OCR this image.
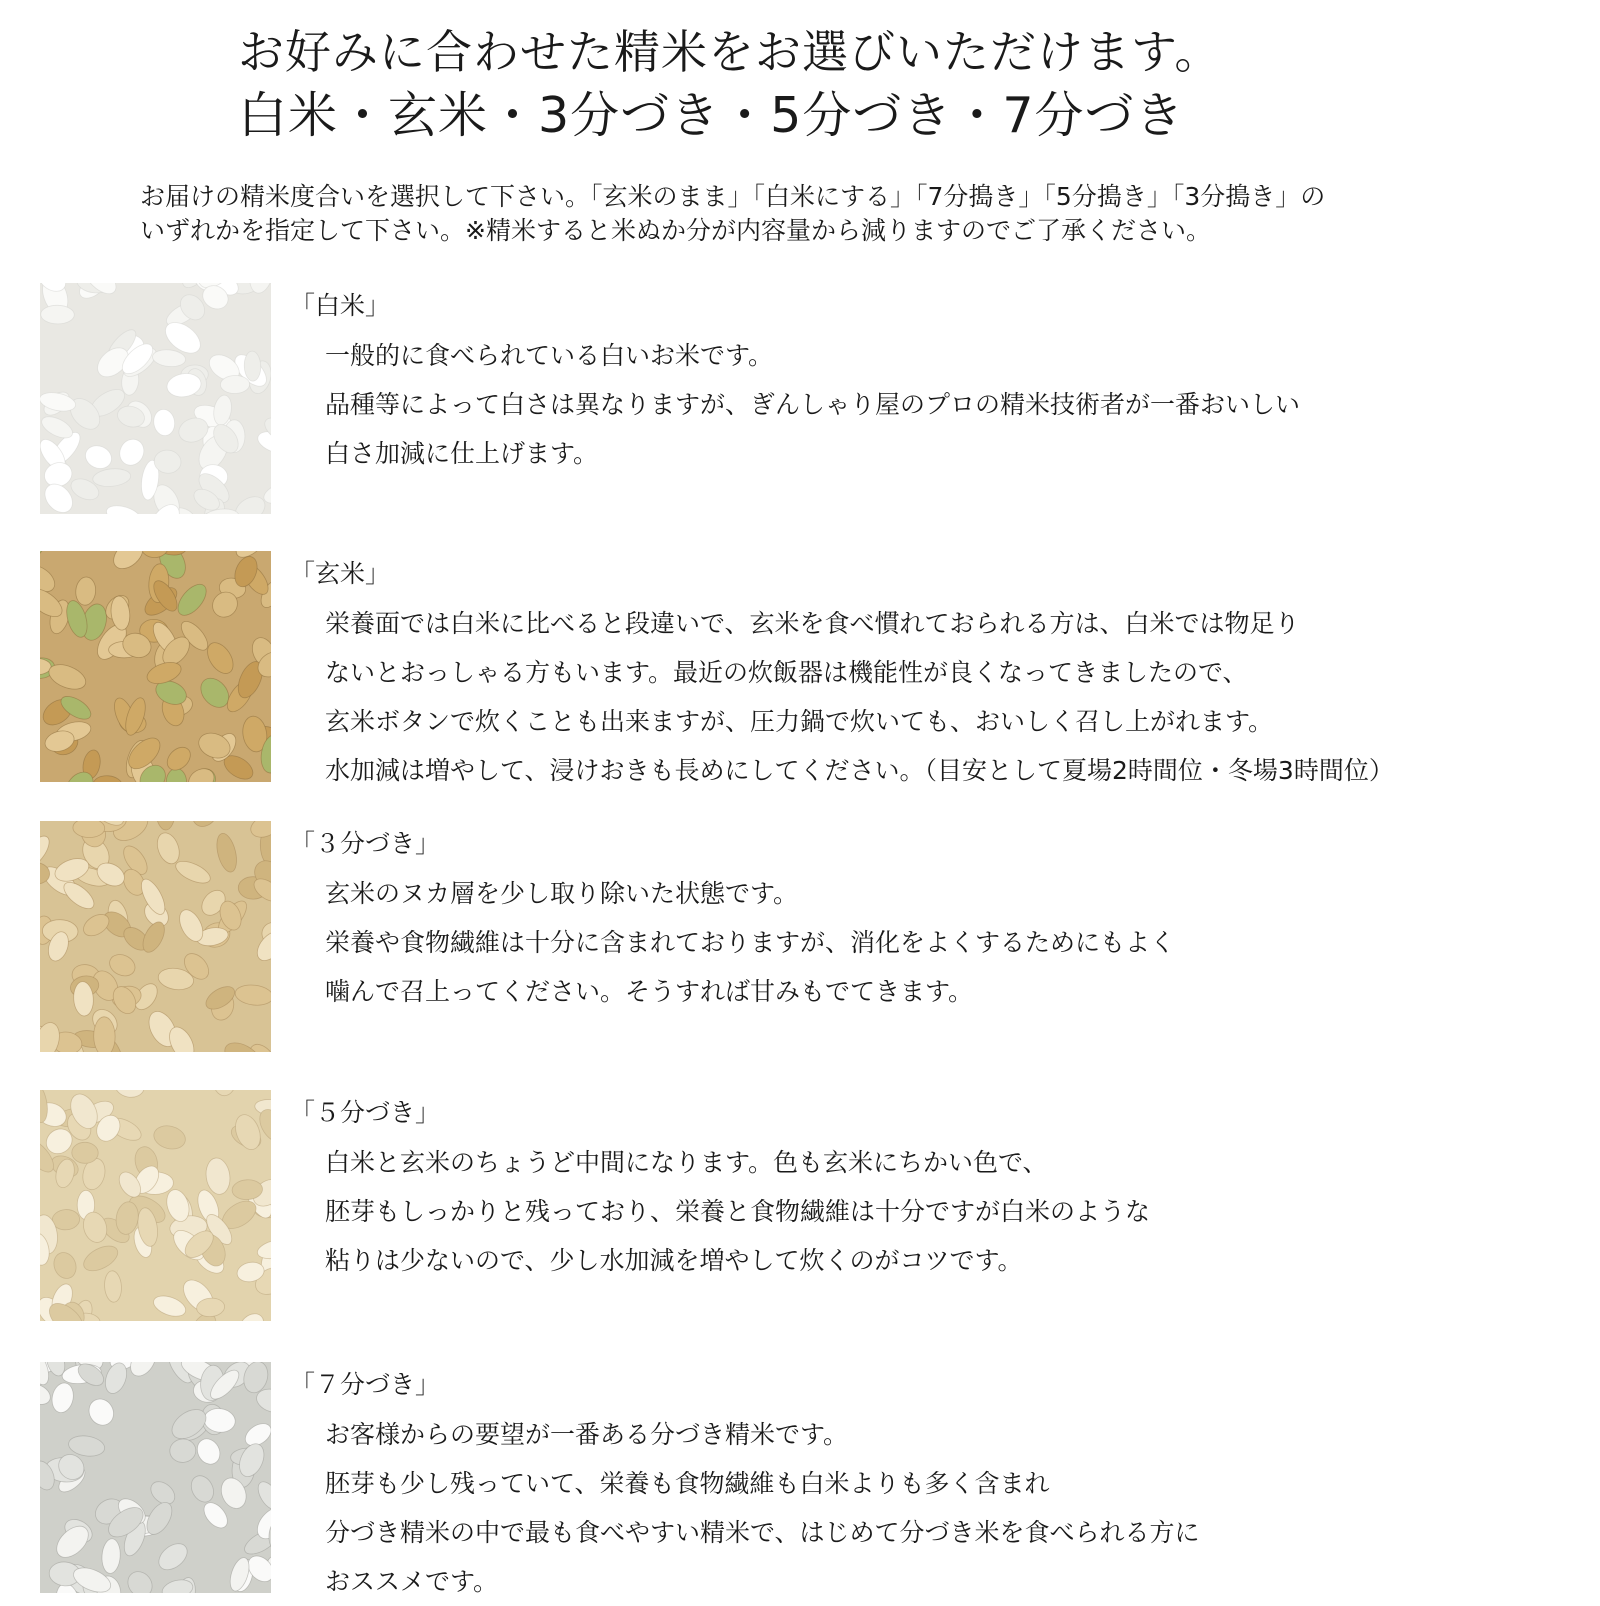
お好みに合わせた精米をお選びいただけます。
白米・玄米・3分づき・5分づき・7分づき
お届けの精米度合いを選択して下さい。「玄米のまま」「白米にする」「7分搗き」「5分搗き」「3分搗き」の
いずれかを指定して下さい。※精米すると米ぬか分が内容量から減りますのでご了承ください。
「白米」
一般的に食べられている白いお米です。
品種等によって白さは異なりますが、ぎんしゃり屋のプロの精米技術者が一番おいしい
白さ加減に仕上げます。
「玄米」
栄養面では白米に比べると段違いで、玄米を食べ慣れておられる方は、白米では物足り
ないとおっしゃる方もいます。最近の炊飯器は機能性が良くなってきましたので、
玄米ボタンで炊くことも出来ますが、圧力鍋で炊いても、おいしく召し上がれます。
水加減は増やして、浸けおきも長めにしてください。（目安として夏場2時間位・冬場3時間位）
「３分づき」
玄米のヌカ層を少し取り除いた状態です。
栄養や食物繊維は十分に含まれておりますが、消化をよくするためにもよく
噛んで召上ってください。そうすれば甘みもでてきます。
「５分づき」
白米と玄米のちょうど中間になります。色も玄米にちかい色で、
胚芽もしっかりと残っており、栄養と食物繊維は十分ですが白米のような
粘りは少ないので、少し水加減を増やして炊くのがコツです。
「７分づき」
お客様からの要望が一番ある分づき精米です。
胚芽も少し残っていて、栄養も食物繊維も白米よりも多く含まれ
分づき精米の中で最も食べやすい精米で、はじめて分づき米を食べられる方に
おススメです。
